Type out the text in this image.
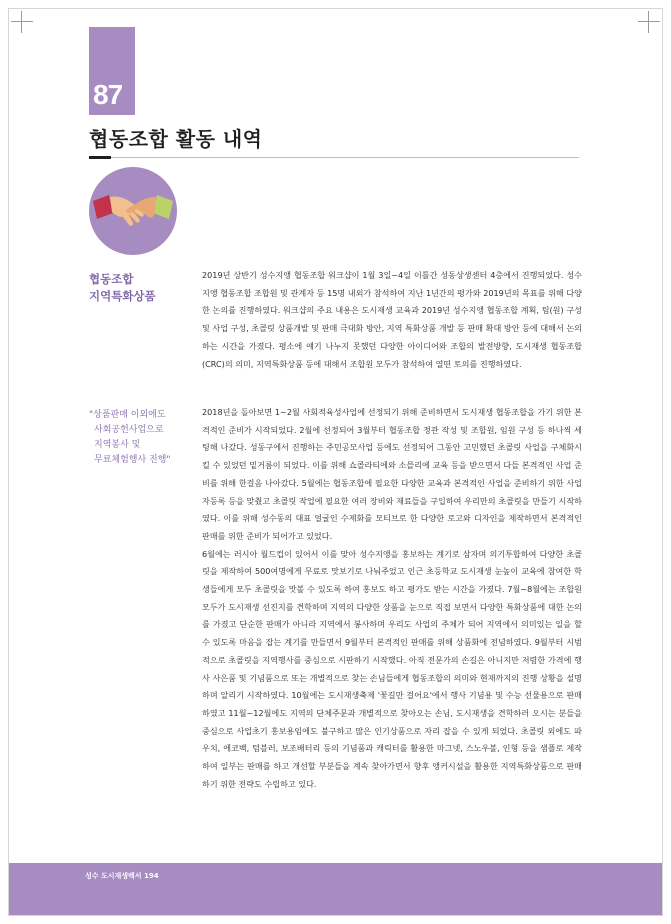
87
협동조합 활동 내역
협동조합
지역특화상품
"상품판매 이외에도
사회공헌사업으로
지역봉사 및
무료체험행사 진행"

2019년 상반기 성수지앵 협동조합 워크샵이 1월 3일~4일 이틀간 성동상생센터 4층에서 진행되었다. 성수지앵 협동조합 조합원 및 관계자 등 15명 내외가 참석하여 지난 1년간의 평가와 2019년의 목표를 위해 다양한 논의를 진행하였다. 워크샵의 주요 내용은 도시재생 교육과 2019년 성수지앵 협동조합 계획, 팀(원) 구성 및 사업 구성, 초콜릿 상품개발 및 판매 극대화 방안, 지역 특화상품 개발 등 판매 확대 방안 등에 대해서 논의하는 시간을 가졌다. 평소에 얘기 나누지 못했던 다양한 아이디어와 조합의 발전방향, 도시재생 협동조합(CRC)의 의미, 지역특화상품 등에 대해서 조합원 모두가 참석하여 열띤 토의를 진행하였다.

2018년을 돌아보면 1~2월 사회적육성사업에 선정되기 위해 준비하면서 도시재생 협동조합을 가기 위한 본격적인 준비가 시작되었다. 2월에 선정되어 3월부터 협동조합 정관 작성 및 조합원, 임원 구성 등 하나씩 세팅해 나갔다. 성동구에서 진행하는 주민공모사업 등에도 선정되어 그동안 고민했던 초콜릿 사업을 구체화시킬 수 있었던 밑거름이 되었다. 이를 위해 쇼콜라티에와 소믈리에 교육 등을 받으면서 다들 본격적인 사업 준비를 위해 한걸음 나아갔다. 5월에는 협동조합에 필요한 다양한 교육과 본격적인 사업을 준비하기 위한 사업자등록 등을 맞췄고 초콜릿 작업에 필요한 여러 장비와 재료들을 구입하여 우리만의 초콜릿을 만들기 시작하였다. 이를 위해 성수동의 대표 얼굴인 수제화를 모티브로 한 다양한 로고와 디자인을 제작하면서 본격적인 판매를 위한 준비가 되어가고 있었다.

6월에는 러시아 월드컵이 있어서 이를 맞아 성수지앵을 홍보하는 계기로 삼자며 의기투합하여 다양한 초콜릿을 제작하여 500여명에게 무료로 맛보기로 나눠주었고 인근 초등학교 도시재생 눈높이 교육에 참여한 학생들에게 모두 초콜릿을 맛볼 수 있도록 하여 홍보도 하고 평가도 받는 시간을 가졌다. 7월~8월에는 조합원 모두가 도시재생 선진지를 견학하며 지역의 다양한 상품을 눈으로 직접 보면서 다양한 특화상품에 대한 논의를 가졌고 단순한 판매가 아니라 지역에서 봉사하며 우리도 사업의 주체가 되어 지역에서 의미있는 일을 할 수 있도록 마음을 잡는 계기를 만들면서 9월부터 본격적인 판매를 위해 상품화에 전념하였다. 9월부터 시범적으로 초콜릿을 지역행사를 중심으로 시판하기 시작했다. 아직 전문가의 손길은 아니지만 저렴한 가격에 행사 사은품 및 기념품으로 또는 개별적으로 찾는 손님들에게 협동조합의 의미와 현재까지의 진행 상황을 설명하며 알리기 시작하였다. 10월에는 도시재생축제 '꽃길만 걸어요'에서 행사 기념용 및 수능 선물용으로 판매하였고 11월~12월에도 지역의 단체주문과 개별적으로 찾아오는 손님, 도시재생을 견학하러 오시는 분들을 중심으로 사업초기 홍보용임에도 불구하고 많은 인기상품으로 자리 잡을 수 있게 되었다. 초콜릿 외에도 파우치, 에코백, 텀블러, 보조배터리 등의 기념품과 캐릭터를 활용한 마그넷, 스노우볼, 인형 등을 샘플로 제작하여 일부는 판매를 하고 개선할 부분들을 계속 찾아가면서 향후 앵커시설을 활용한 지역특화상품으로 판매하기 위한 전략도 수립하고 있다.

성수 도시재생백서 194
